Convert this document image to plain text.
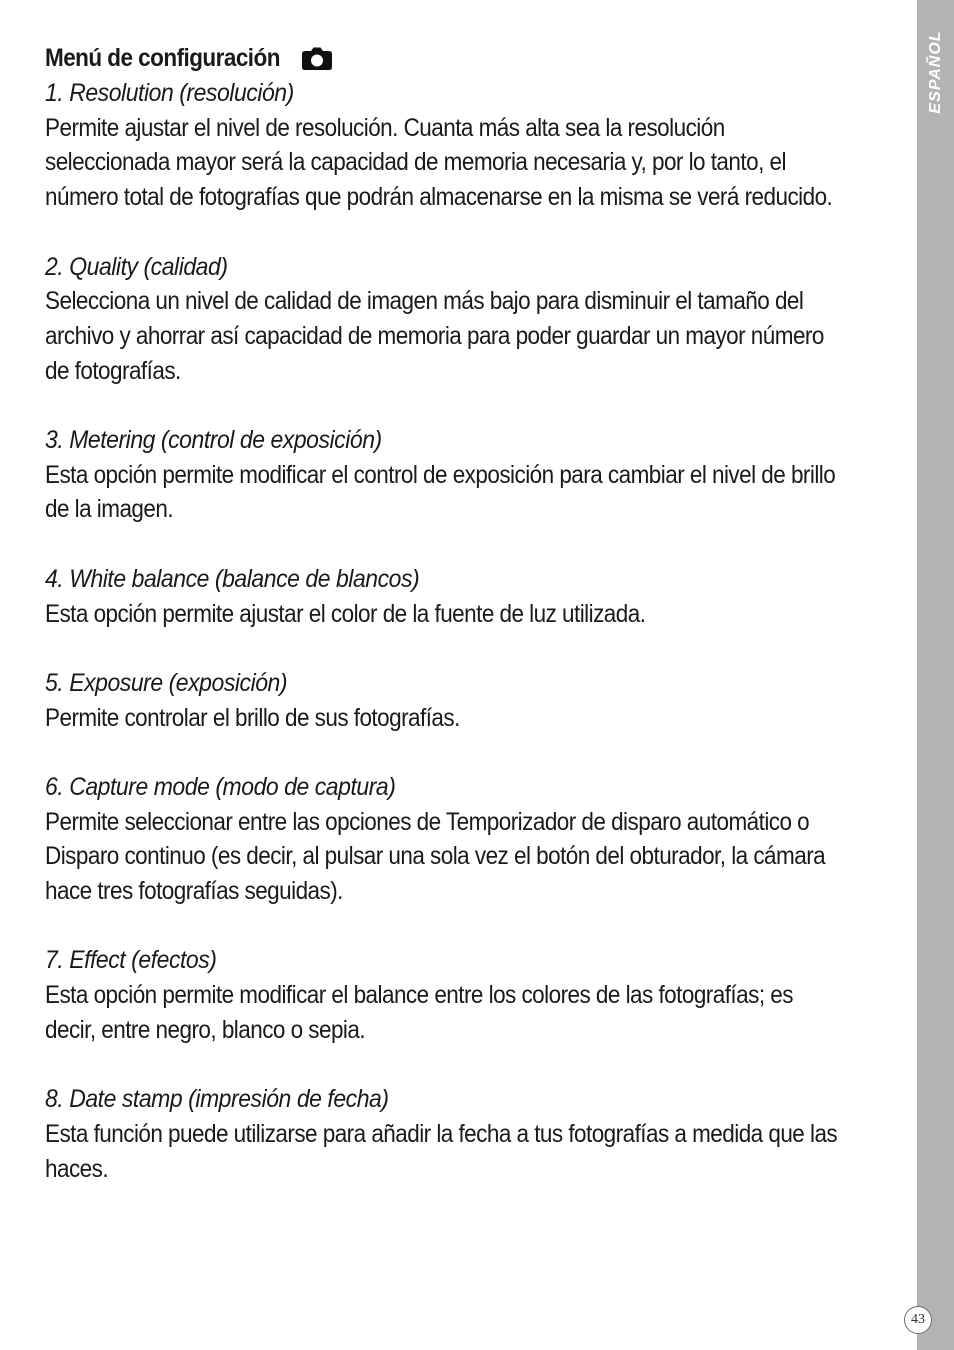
Menú de configuración
1. Resolution (resolución)
Permite ajustar el nivel de resolución. Cuanta más alta sea la resolución
seleccionada mayor será la capacidad de memoria necesaria y, por lo tanto, el
número total de fotografías que podrán almacenarse en la misma se verá reducido.
2. Quality (calidad)
Selecciona un nivel de calidad de imagen más bajo para disminuir el tamaño del
archivo y ahorrar así capacidad de memoria para poder guardar un mayor número
de fotografías.
3. Metering (control de exposición)
Esta opción permite modificar el control de exposición para cambiar el nivel de brillo
de la imagen.
4. White balance (balance de blancos)
Esta opción permite ajustar el color de la fuente de luz utilizada.
5. Exposure (exposición)
Permite controlar el brillo de sus fotografías.
6. Capture mode (modo de captura)
Permite seleccionar entre las opciones de Temporizador de disparo automático o
Disparo continuo (es decir, al pulsar una sola vez el botón del obturador, la cámara
hace tres fotografías seguidas).
7. Effect (efectos)
Esta opción permite modificar el balance entre los colores de las fotografías; es
decir, entre negro, blanco o sepia.
8. Date stamp (impresión de fecha)
Esta función puede utilizarse para añadir la fecha a tus fotografías a medida que las
haces.
ESPAÑOL
43
